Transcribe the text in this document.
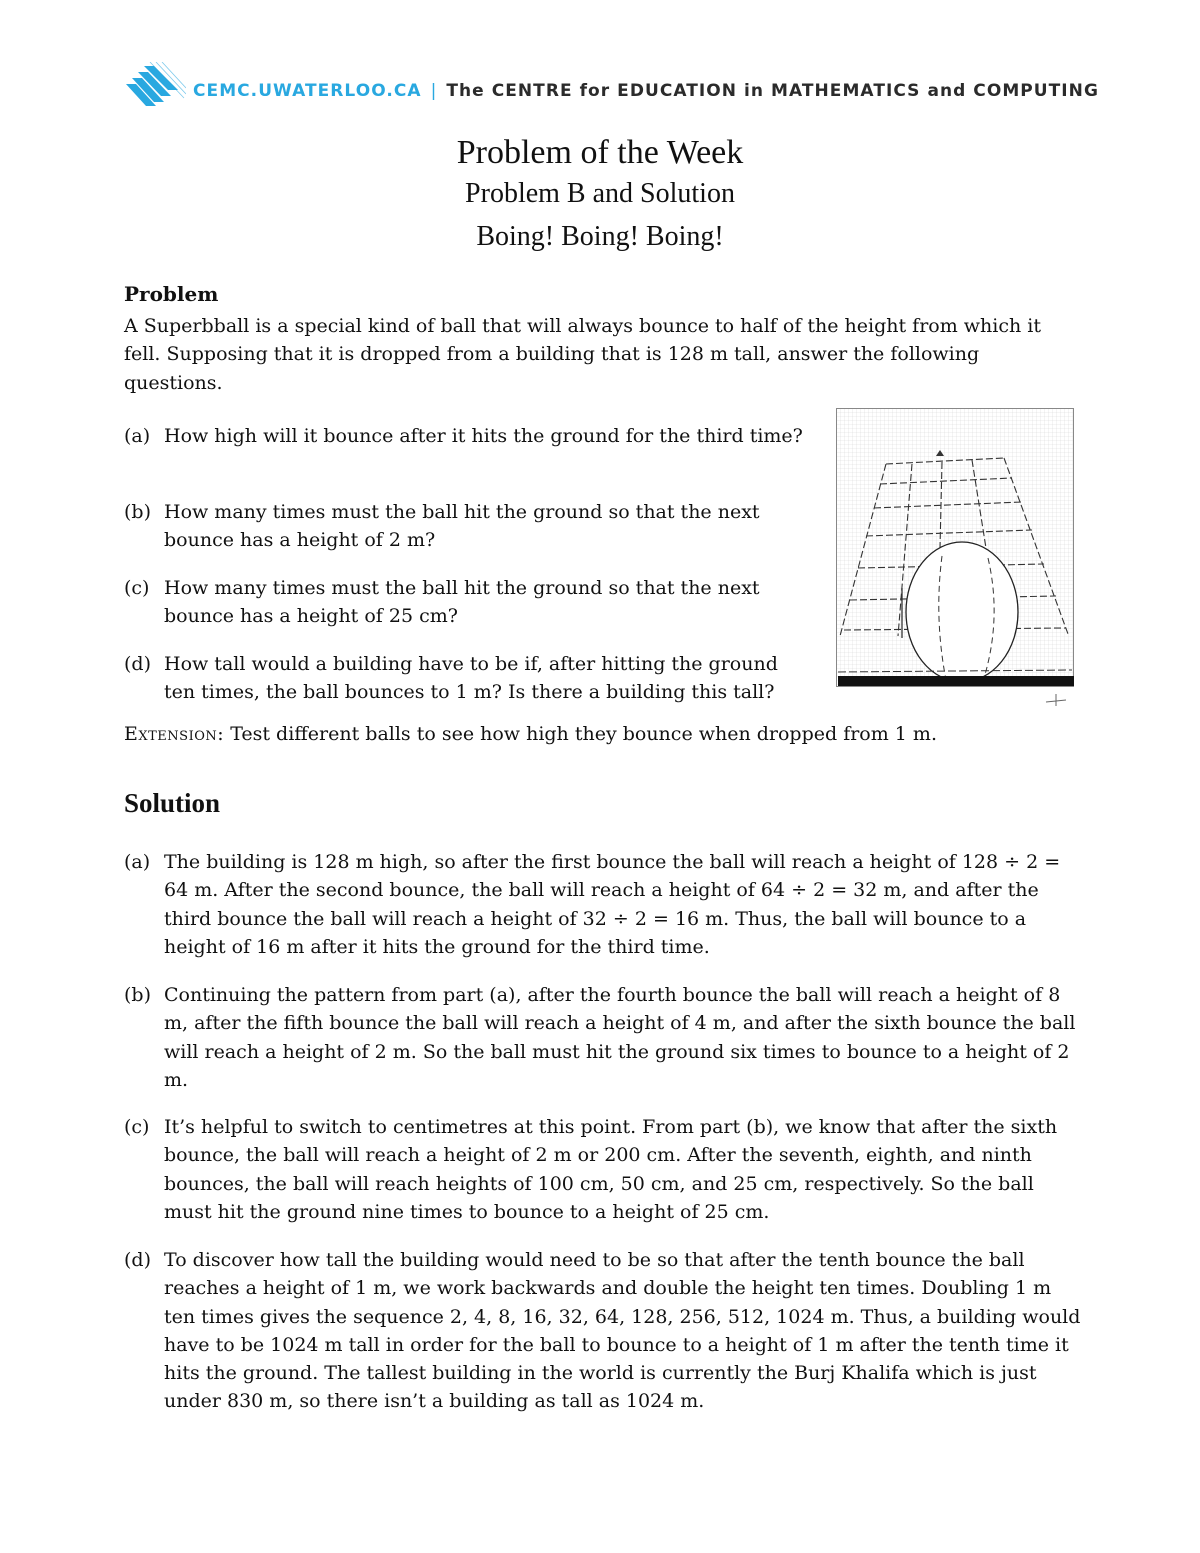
CEMC.UWATERLOO.CA | The CENTRE for EDUCATION in MATHEMATICS and COMPUTING
Problem of the Week
Problem B and Solution
Boing! Boing! Boing!
Problem
A Superbball is a special kind of ball that will always bounce to half of the height from which it fell. Supposing that it is dropped from a building that is 128 m tall, answer the following questions.
(a) How high will it bounce after it hits the ground for the third time?
(b) How many times must the ball hit the ground so that the next bounce has a height of 2 m?
(c) How many times must the ball hit the ground so that the next bounce has a height of 25 cm?
(d) How tall would a building have to be if, after hitting the ground ten times, the ball bounces to 1 m? Is there a building this tall?
Extension: Test different balls to see how high they bounce when dropped from 1 m.
Solution
(a) The building is 128 m high, so after the first bounce the ball will reach a height of 128 ÷ 2 = 64 m. After the second bounce, the ball will reach a height of 64 ÷ 2 = 32 m, and after the third bounce the ball will reach a height of 32 ÷ 2 = 16 m. Thus, the ball will bounce to a height of 16 m after it hits the ground for the third time.
(b) Continuing the pattern from part (a), after the fourth bounce the ball will reach a height of 8 m, after the fifth bounce the ball will reach a height of 4 m, and after the sixth bounce the ball will reach a height of 2 m. So the ball must hit the ground six times to bounce to a height of 2 m.
(c) It’s helpful to switch to centimetres at this point. From part (b), we know that after the sixth bounce, the ball will reach a height of 2 m or 200 cm. After the seventh, eighth, and ninth bounces, the ball will reach heights of 100 cm, 50 cm, and 25 cm, respectively. So the ball must hit the ground nine times to bounce to a height of 25 cm.
(d) To discover how tall the building would need to be so that after the tenth bounce the ball reaches a height of 1 m, we work backwards and double the height ten times. Doubling 1 m ten times gives the sequence 2, 4, 8, 16, 32, 64, 128, 256, 512, 1024 m. Thus, a building would have to be 1024 m tall in order for the ball to bounce to a height of 1 m after the tenth time it hits the ground. The tallest building in the world is currently the Burj Khalifa which is just under 830 m, so there isn’t a building as tall as 1024 m.
